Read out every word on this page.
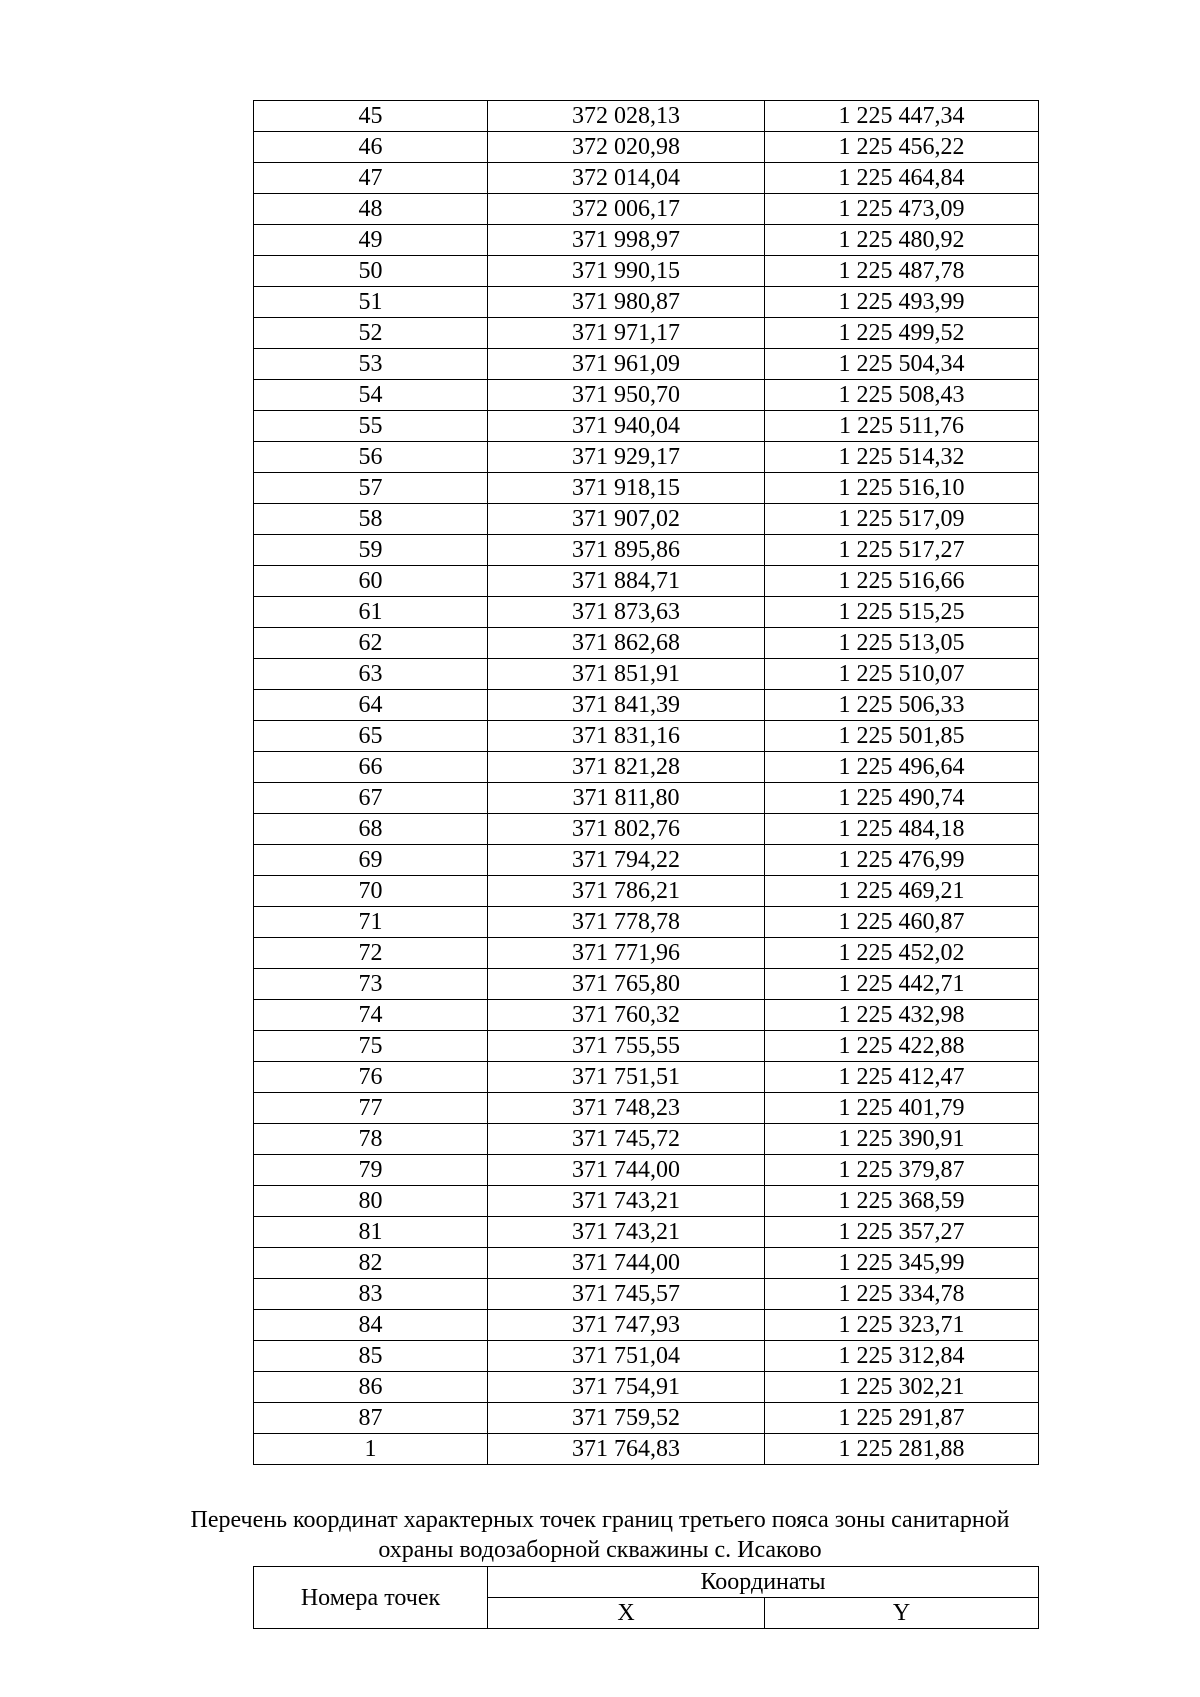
45	372 028,13	1 225 447,34
46	372 020,98	1 225 456,22
47	372 014,04	1 225 464,84
48	372 006,17	1 225 473,09
49	371 998,97	1 225 480,92
50	371 990,15	1 225 487,78
51	371 980,87	1 225 493,99
52	371 971,17	1 225 499,52
53	371 961,09	1 225 504,34
54	371 950,70	1 225 508,43
55	371 940,04	1 225 511,76
56	371 929,17	1 225 514,32
57	371 918,15	1 225 516,10
58	371 907,02	1 225 517,09
59	371 895,86	1 225 517,27
60	371 884,71	1 225 516,66
61	371 873,63	1 225 515,25
62	371 862,68	1 225 513,05
63	371 851,91	1 225 510,07
64	371 841,39	1 225 506,33
65	371 831,16	1 225 501,85
66	371 821,28	1 225 496,64
67	371 811,80	1 225 490,74
68	371 802,76	1 225 484,18
69	371 794,22	1 225 476,99
70	371 786,21	1 225 469,21
71	371 778,78	1 225 460,87
72	371 771,96	1 225 452,02
73	371 765,80	1 225 442,71
74	371 760,32	1 225 432,98
75	371 755,55	1 225 422,88
76	371 751,51	1 225 412,47
77	371 748,23	1 225 401,79
78	371 745,72	1 225 390,91
79	371 744,00	1 225 379,87
80	371 743,21	1 225 368,59
81	371 743,21	1 225 357,27
82	371 744,00	1 225 345,99
83	371 745,57	1 225 334,78
84	371 747,93	1 225 323,71
85	371 751,04	1 225 312,84
86	371 754,91	1 225 302,21
87	371 759,52	1 225 291,87
1	371 764,83	1 225 281,88
Перечень координат характерных точек границ третьего пояса зоны санитарной
охраны водозаборной скважины с. Исаково
Номера точек	Координаты	
	X	Y
